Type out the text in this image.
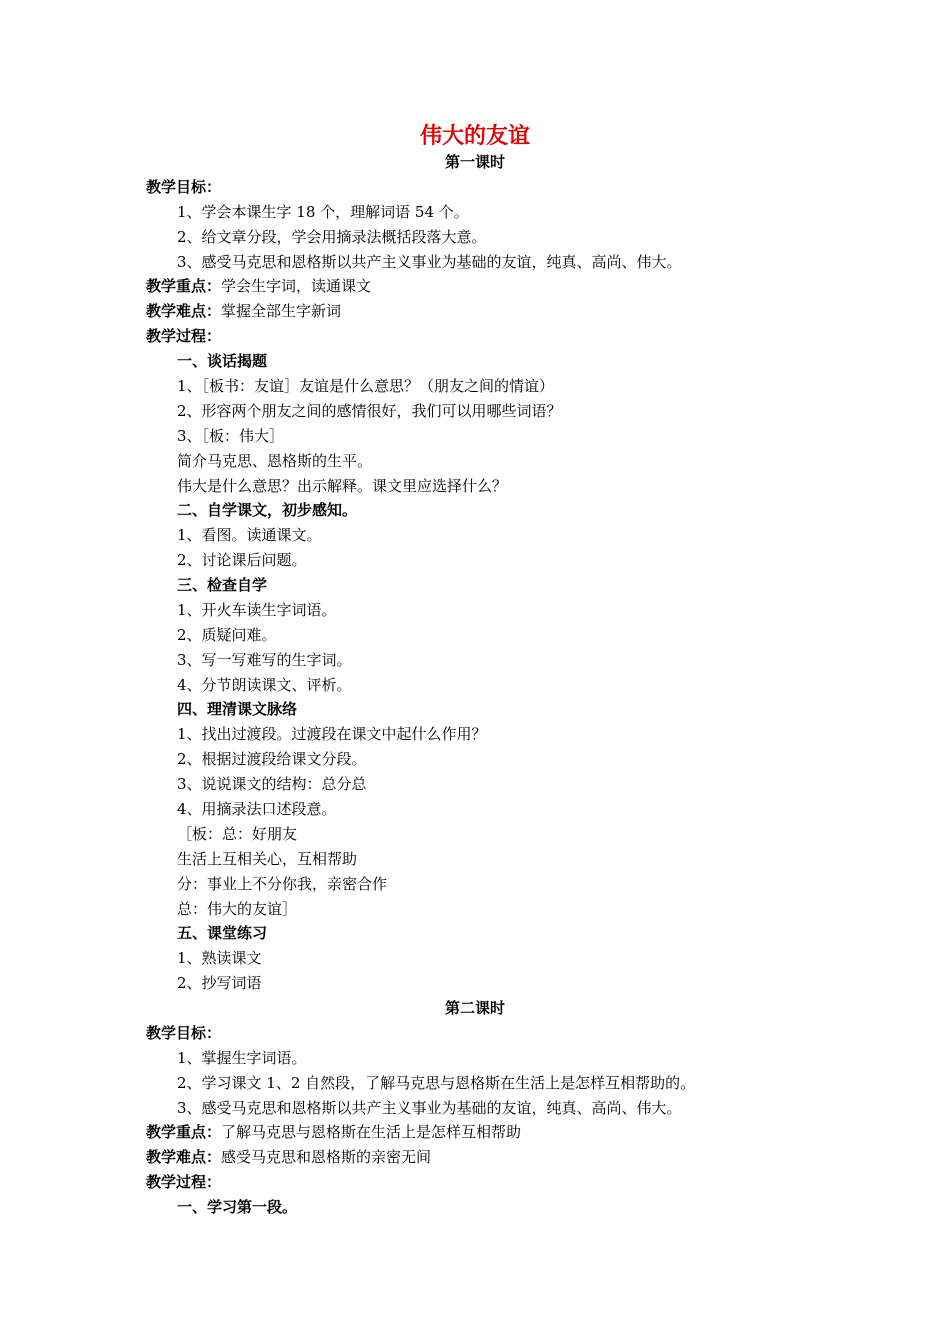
伟大的友谊
第一课时
教学目标：
1、学会本课生字 18 个，理解词语 54 个。
2、给文章分段，学会用摘录法概括段落大意。
3、感受马克思和恩格斯以共产主义事业为基础的友谊，纯真、高尚、伟大。
教学重点：学会生字词，读通课文
教学难点：掌握全部生字新词
教学过程：
一、谈话揭题
1、［板书：友谊］友谊是什么意思？（朋友之间的情谊）
2、形容两个朋友之间的感情很好，我们可以用哪些词语？
3、［板：伟大］
简介马克思、恩格斯的生平。
伟大是什么意思？出示解释。课文里应选择什么？
二、自学课文，初步感知。
1、看图。读通课文。
2、讨论课后问题。
三、检查自学
1、开火车读生字词语。
2、质疑问难。
3、写一写难写的生字词。
4、分节朗读课文、评析。
四、理清课文脉络
1、找出过渡段。过渡段在课文中起什么作用？
2、根据过渡段给课文分段。
3、说说课文的结构：总分总
4、用摘录法口述段意。
［板：总：好朋友
生活上互相关心，互相帮助
分：事业上不分你我，亲密合作
总：伟大的友谊］
五、课堂练习
1、熟读课文
2、抄写词语
第二课时
教学目标：
1、掌握生字词语。
2、学习课文 1、2 自然段，了解马克思与恩格斯在生活上是怎样互相帮助的。
3、感受马克思和恩格斯以共产主义事业为基础的友谊，纯真、高尚、伟大。
教学重点：了解马克思与恩格斯在生活上是怎样互相帮助
教学难点：感受马克思和恩格斯的亲密无间
教学过程：
一、学习第一段。
